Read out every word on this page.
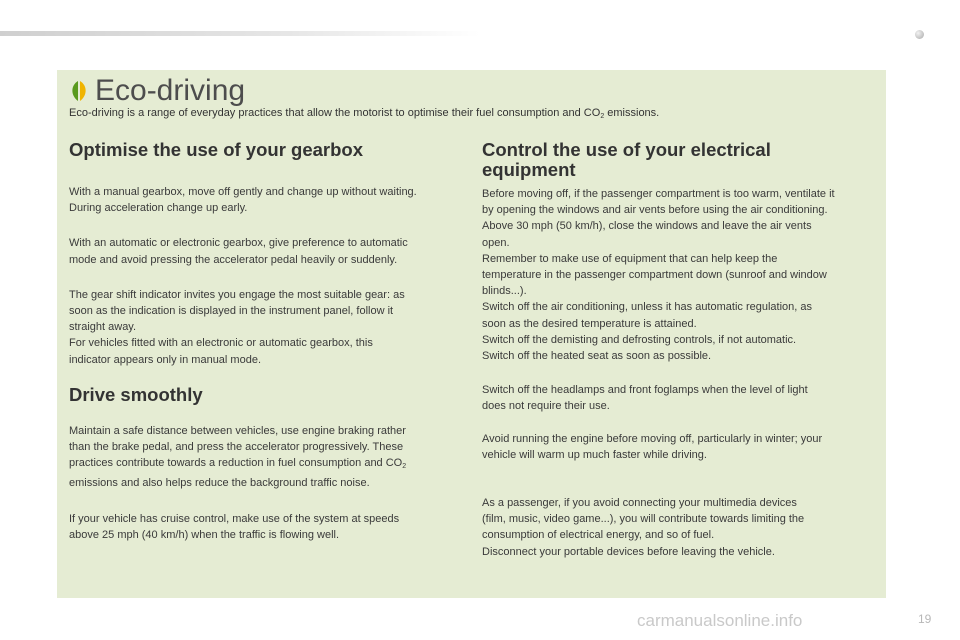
Eco-driving
Eco-driving is a range of everyday practices that allow the motorist to optimise their fuel consumption and $CO_2$ emissions.
Optimise the use of your gearbox

With a manual gearbox, move off gently and change up without waiting.
During acceleration change up early.

With an automatic or electronic gearbox, give preference to automatic
mode and avoid pressing the accelerator pedal heavily or suddenly.

The gear shift indicator invites you engage the most suitable gear: as
soon as the indication is displayed in the instrument panel, follow it
straight away.
For vehicles fitted with an electronic or automatic gearbox, this
indicator appears only in manual mode.

Drive smoothly

Maintain a safe distance between vehicles, use engine braking rather
than the brake pedal, and press the accelerator progressively. These
practices contribute towards a reduction in fuel consumption and $CO_2$
emissions and also helps reduce the background traffic noise.

If your vehicle has cruise control, make use of the system at speeds
above 25 mph (40 km/h) when the traffic is flowing well.

Control the use of your electrical
equipment

Before moving off, if the passenger compartment is too warm, ventilate it
by opening the windows and air vents before using the air conditioning.
Above 30 mph (50 km/h), close the windows and leave the air vents
open.
Remember to make use of equipment that can help keep the
temperature in the passenger compartment down (sunroof and window
blinds...).
Switch off the air conditioning, unless it has automatic regulation, as
soon as the desired temperature is attained.
Switch off the demisting and defrosting controls, if not automatic.
Switch off the heated seat as soon as possible.

Switch off the headlamps and front foglamps when the level of light
does not require their use.

Avoid running the engine before moving off, particularly in winter; your
vehicle will warm up much faster while driving.

As a passenger, if you avoid connecting your multimedia devices
(film, music, video game...), you will contribute towards limiting the
consumption of electrical energy, and so of fuel.
Disconnect your portable devices before leaving the vehicle.

carmanualsonline.info	19
